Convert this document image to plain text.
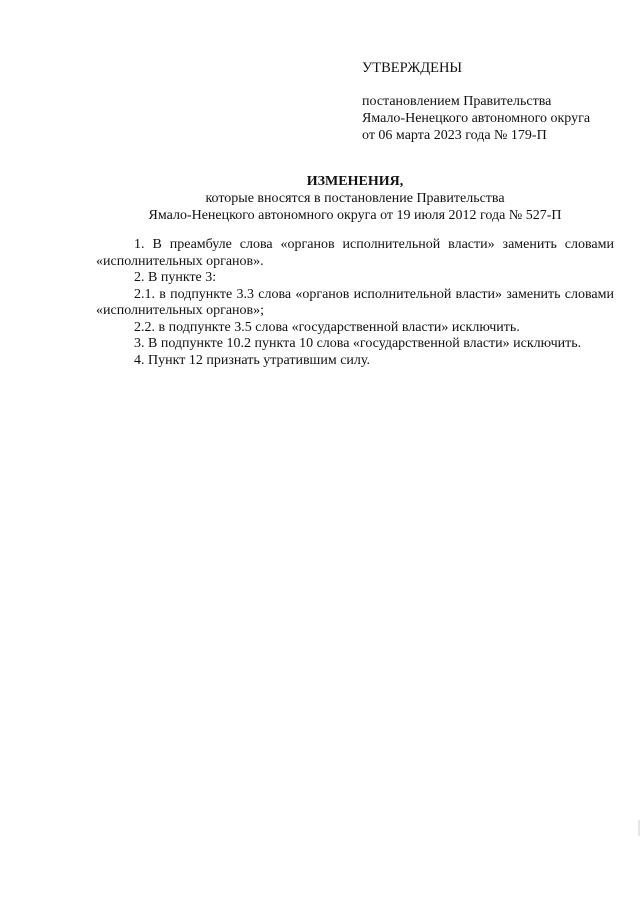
УТВЕРЖДЕНЫ
постановлением Правительства
Ямало-Ненецкого автономного округа
от 06 марта 2023 года № 179-П
ИЗМЕНЕНИЯ,
которые вносятся в постановление Правительства
Ямало-Ненецкого автономного округа от 19 июля 2012 года № 527-П

1. В преамбуле слова «органов исполнительной власти» заменить словами «исполнительных органов».

2. В пункте 3:

2.1. в подпункте 3.3 слова «органов исполнительной власти» заменить словами «исполнительных органов»;

2.2. в подпункте 3.5 слова «государственной власти» исключить.

3. В подпункте 10.2 пункта 10 слова «государственной власти» исключить.

4. Пункт 12 признать утратившим силу.
